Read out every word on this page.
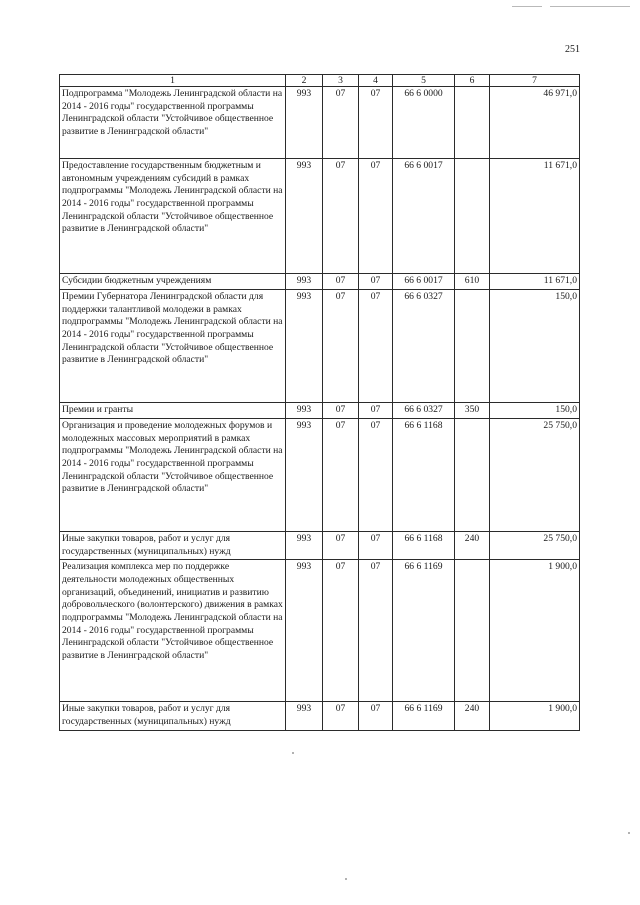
251
1	2	3	4	5	6	7
Подпрограмма "Молодежь Ленинградской области на 2014 - 2016 годы" государственной программы Ленинградской области "Устойчивое общественное развитие в Ленинградской области"	993	07	07	66 6 0000		46 971,0
Предоставление государственным бюджетным и автономным учреждениям субсидий в рамках подпрограммы "Молодежь Ленинградской области на 2014 - 2016 годы" государственной программы Ленинградской области "Устойчивое общественное развитие в Ленинградской области"	993	07	07	66 6 0017		11 671,0
Субсидии бюджетным учреждениям	993	07	07	66 6 0017	610	11 671,0
Премии Губернатора Ленинградской области для поддержки талантливой молодежи в рамках подпрограммы "Молодежь Ленинградской области на 2014 - 2016 годы" государственной программы Ленинградской области "Устойчивое общественное развитие в Ленинградской области"	993	07	07	66 6 0327		150,0
Премии и гранты	993	07	07	66 6 0327	350	150,0
Организация и проведение молодежных форумов и молодежных массовых мероприятий в рамках подпрограммы "Молодежь Ленинградской области на 2014 - 2016 годы" государственной программы Ленинградской области "Устойчивое общественное развитие в Ленинградской области"	993	07	07	66 6 1168		25 750,0
Иные закупки товаров, работ и услуг для государственных (муниципальных) нужд	993	07	07	66 6 1168	240	25 750,0
Реализация комплекса мер по поддержке деятельности молодежных общественных организаций, объединений, инициатив и развитию добровольческого (волонтерского) движения в рамках подпрограммы "Молодежь Ленинградской области на 2014 - 2016 годы" государственной программы Ленинградской области "Устойчивое общественное развитие в Ленинградской области"	993	07	07	66 6 1169		1 900,0
Иные закупки товаров, работ и услуг для государственных (муниципальных) нужд	993	07	07	66 6 1169	240	1 900,0
